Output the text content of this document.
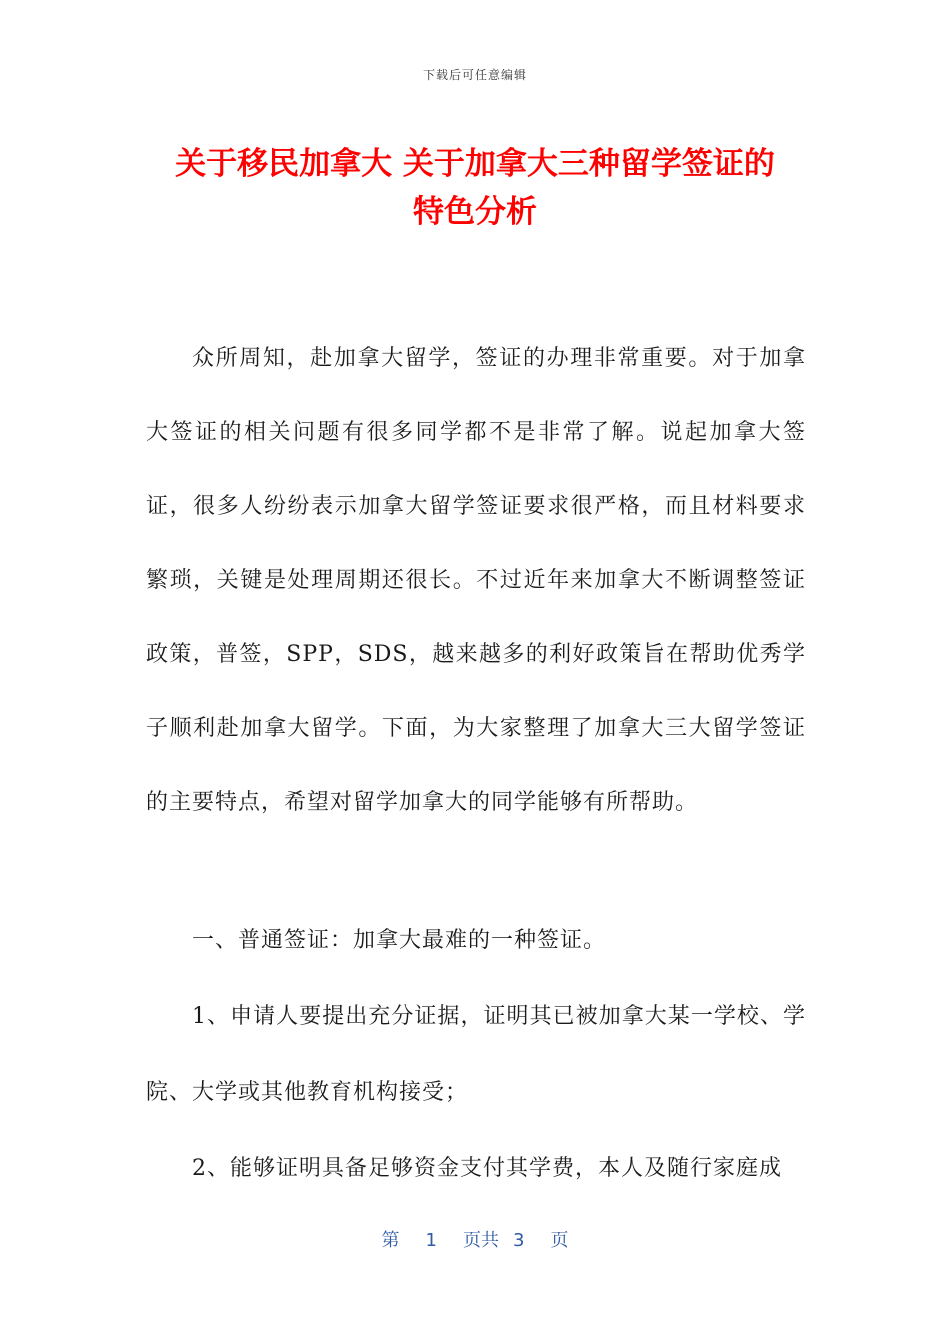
下载后可任意编辑
关于移民加拿大 关于加拿大三种留学签证的
特色分析

众所周知，赴加拿大留学，签证的办理非常重要。对于加拿大签证的相关问题有很多同学都不是非常了解。说起加拿大签证，很多人纷纷表示加拿大留学签证要求很严格，而且材料要求繁琐，关键是处理周期还很长。不过近年来加拿大不断调整签证政策，普签，SPP，SDS，越来越多的利好政策旨在帮助优秀学子顺利赴加拿大留学。下面，为大家整理了加拿大三大留学签证的主要特点，希望对留学加拿大的同学能够有所帮助。

一、普通签证：加拿大最难的一种签证。

1、申请人要提出充分证据，证明其已被加拿大某一学校、学院、大学或其他教育机构接受；

2、能够证明具备足够资金支付其学费，本人及随行家庭成

第 1 页共 3 页
